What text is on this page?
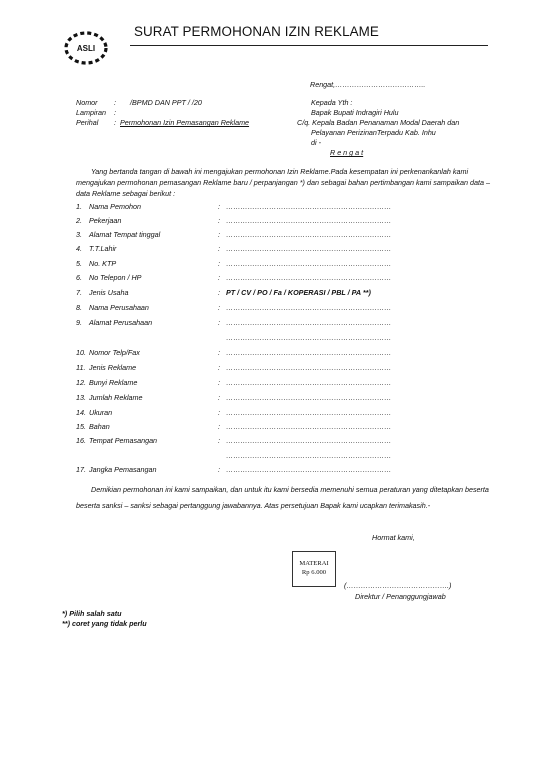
ASLI
SURAT PERMOHONAN IZIN REKLAME
Rengat,………………………………..
Nomor : /BPMD DAN PPT / /20
Lampiran :
Perihal : Permohonan Izin Pemasangan Reklame
Kepada Yth :
Bapak Bupati Indragiri Hulu
C/q. Kepala Badan Penanaman Modal Daerah dan
Pelayanan PerizinanTerpadu Kab. Inhu
di -
R e n g a t
Yang bertanda tangan di bawah ini mengajukan permohonan Izin Reklame.Pada kesempatan ini perkenankanlah kami
mengajukan permohonan pemasangan Reklame baru / perpanjangan *) dan sebagai bahan pertimbangan kami sampaikan data –
data Reklame sebagai berikut :
1. Nama Pemohon	: ……………………………………………………………
2. Pekerjaan	: ……………………………………………………………
3. Alamat Tempat tinggal	: ……………………………………………………………
4. T.T.Lahir	: ……………………………………………………………
5. No. KTP	: ……………………………………………………………
6. No Telepon / HP	: ……………………………………………………………
7. Jenis Usaha	: PT / CV / PO / Fa / KOPERASI / PBL / PA **)
8. Nama Perusahaan	: ……………………………………………………………
9. Alamat Perusahaan	: ……………………………………………………………
……………………………………………………………
10. Nomor Telp/Fax	: ……………………………………………………………
11. Jenis Reklame	: ……………………………………………………………
12. Bunyi Reklame	: ……………………………………………………………
13. Jumlah Reklame	: ……………………………………………………………
14. Ukuran	: ……………………………………………………………
15. Bahan	: ……………………………………………………………
16. Tempat Pemasangan	: ……………………………………………………………
……………………………………………………………
17. Jangka Pemasangan	: ……………………………………………………………
Demikian permohonan ini kami sampaikan, dan untuk itu kami bersedia memenuhi semua peraturan yang ditetapkan beserta
beserta sanksi – sanksi sebagai pertanggung jawabannya. Atas persetujuan Bapak kami ucapkan terimakasih.-
Hormat kami,
MATERAI
Rp 6.000
(…………………………………….)
Direktur / Penanggungjawab
*) Pilih salah satu
**) coret yang tidak perlu
